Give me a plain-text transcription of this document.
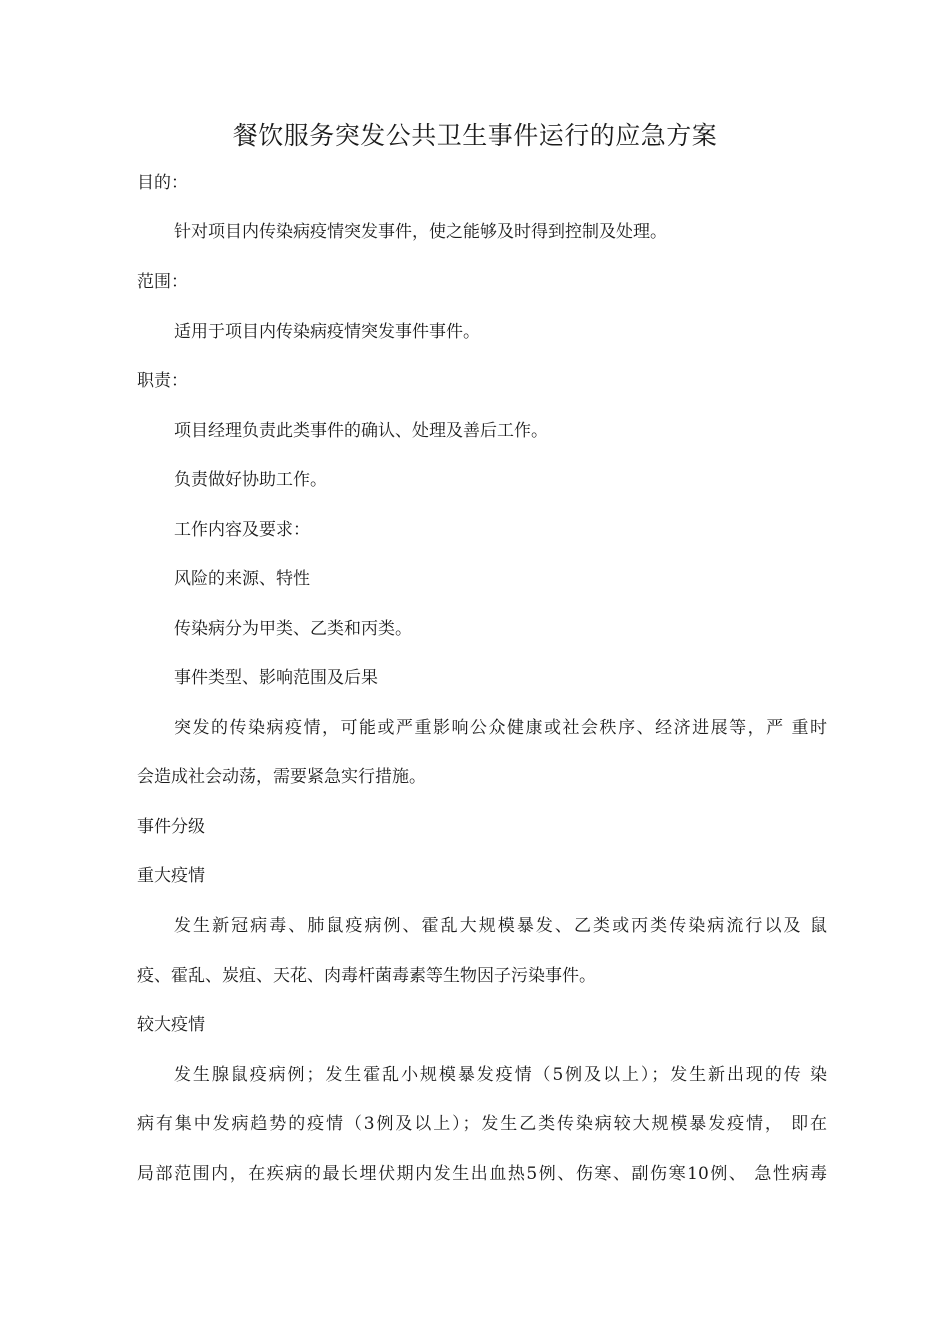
餐饮服务突发公共卫生事件运行的应急方案
目的：
针对项目内传染病疫情突发事件，使之能够及时得到控制及处理。
范围：
适用于项目内传染病疫情突发事件事件。
职责：
项目经理负责此类事件的确认、处理及善后工作。
负责做好协助工作。
工作内容及要求：
风险的来源、特性
传染病分为甲类、乙类和丙类。
事件类型、影响范围及后果
突发的传染病疫情，可能或严重影响公众健康或社会秩序、经济进展等，严 重时
会造成社会动荡，需要紧急实行措施。
事件分级
重大疫情
发生新冠病毒、肺鼠疫病例、霍乱大规模暴发、乙类或丙类传染病流行以及 鼠
疫、霍乱、炭疽、天花、肉毒杆菌毒素等生物因子污染事件。
较大疫情
发生腺鼠疫病例；发生霍乱小规模暴发疫情（5例及以上）；发生新出现的传 染
病有集中发病趋势的疫情（3例及以上）；发生乙类传染病较大规模暴发疫情， 即在
局部范围内，在疾病的最长埋伏期内发生出血热5例、伤寒、副伤寒10例、 急性病毒
